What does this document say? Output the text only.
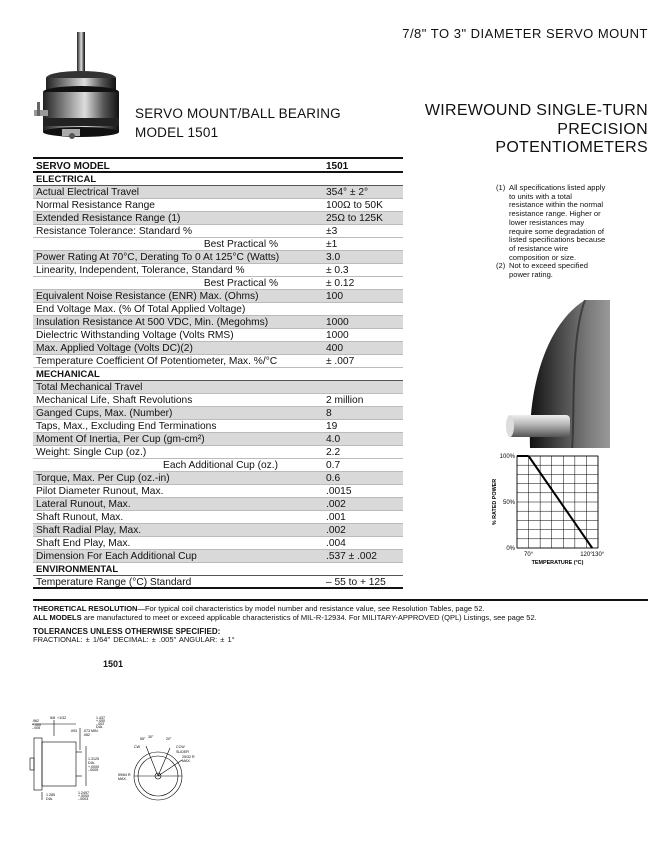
7/8" TO 3" DIAMETER SERVO MOUNT
SERVO MOUNT/BALL BEARING
MODEL 1501
WIREWOUND SINGLE-TURN
PRECISION POTENTIOMETERS
SERVO MODEL	1501
ELECTRICAL
Actual Electrical Travel	354° ± 2°
Normal Resistance Range	100Ω to 50K
Extended Resistance Range (1)	25Ω to 125K
Resistance Tolerance: Standard %	±3
Best Practical %	±1
Power Rating At 70°C, Derating To 0 At 125°C (Watts)	3.0
Linearity, Independent, Tolerance, Standard %	± 0.3
Best Practical %	± 0.12
Equivalent Noise Resistance (ENR) Max. (Ohms)	100
End Voltage Max. (% Of Total Applied Voltage)
Insulation Resistance At 500 VDC, Min. (Megohms)	1000
Dielectric Withstanding Voltage (Volts RMS)	1000
Max. Applied Voltage (Volts DC)(2)	400
Temperature Coefficient Of Potentiometer, Max. %/°C	± .007
MECHANICAL
Total Mechanical Travel
Mechanical Life, Shaft Revolutions	2 million
Ganged Cups, Max. (Number)	8
Taps, Max., Excluding End Terminations	19
Moment Of Inertia, Per Cup (gm-cm²)	4.0
Weight: Single Cup (oz.)	2.2
Each Additional Cup (oz.)	0.7
Torque, Max. Per Cup (oz.-in)	0.6
Pilot Diameter Runout, Max.	.0015
Lateral Runout, Max.	.002
Shaft Runout, Max.	.001
Shaft Radial Play, Max.	.002
Shaft End Play, Max.	.004
Dimension For Each Additional Cup	.537 ± .002
ENVIRONMENTAL
Temperature Range (°C) Standard	– 55 to + 125
(1) All specifications listed apply to units with a total resistance within the normal resistance range. Higher or lower resistances may require some degradation of listed specifications because of resistance wire composition or size.
(2) Not to exceed specified power rating.
0%
50%
100%
70°	120° 130°
TEMPERATURE (°C)
% RATED POWER
THEORETICAL RESOLUTION—For typical coil characteristics by model number and resistance value, see Resolution Tables, page 52.
ALL MODELS are manufactured to meet or exceed applicable characteristics of MIL-R-12934. For MILITARY-APPROVED (QPL) Listings, see page 52.
TOLERANCES UNLESS OTHERWISE SPECIFIED:
FRACTIONAL: ± 1/64" DECIMAL: ± .005" ANGULAR: ± 1°
1501
.962
+.000
-.005
5/8 +1/32	1.437
+.000
-.002
DIA.
.093 .073 MIN.
.062
1.3125
DIA.
+.0000
-.0005
1.285
DIA.
1.2497
+.0000
-.0003
55° 30°	20°
CW	CCW
SLIDER
25/32 R
MAX.
59/64 R
MAX.
